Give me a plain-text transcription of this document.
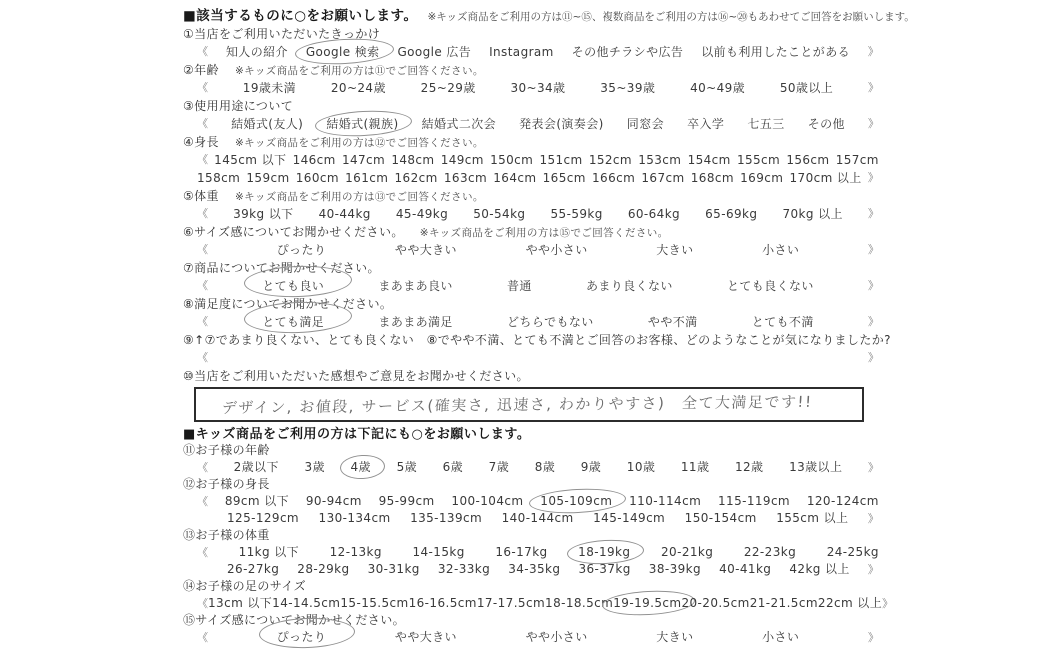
■該当するものに○をお願いします。 ※キッズ商品をご利用の方は⑪~⑮、複数商品をご利用の方は⑯~⑳もあわせてご回答をお願いします。
①当店をご利用いただいたきっかけ
《 知人の紹介 Google 検索 Google 広告 Instagram その他チラシや広告 以前も利用したことがある 》
②年齢 ※キッズ商品をご利用の方は⑪でご回答ください。
《	19歳未満	20~24歳	25~29歳	30~34歳	35~39歳	40~49歳	50歳以上	》
③使用用途について
《 結婚式(友人) 結婚式(親族) 結婚式二次会 発表会(演奏会) 同窓会 卒入学 七五三 その他 》
④身長 ※キッズ商品をご利用の方は⑫でご回答ください。
《 145cm 以下 146cm 147cm 148cm 149cm 150cm 151cm 152cm 153cm 154cm 155cm 156cm 157cm
158cm 159cm 160cm 161cm 162cm 163cm 164cm 165cm 166cm 167cm 168cm 169cm 170cm 以上 》
⑤体重 ※キッズ商品をご利用の方は⑬でご回答ください。
《 39kg 以下 40-44kg 45-49kg 50-54kg 55-59kg 60-64kg 65-69kg 70kg 以上 》
⑥サイズ感についてお聞かせください。 ※キッズ商品をご利用の方は⑮でご回答ください。
《	ぴったり	やや大きい	やや小さい	大きい	小さい	》
⑦商品についてお聞かせください。
《	とても良い	まあまあ良い	普通	あまり良くない	とても良くない	》
⑧満足度についてお聞かせください。
《	とても満足	まあまあ満足	どちらでもない	やや不満	とても不満	》
⑨↑⑦であまり良くない、とても良くない　⑧でやや不満、とても不満とご回答のお客様、どのようなことが気になりましたか?
《	》
⑩当店をご利用いただいた感想やご意見をお聞かせください。
デザイン, お値段, サービス(確実さ, 迅速さ, わかりやすさ)　全て大満足です!!
■キッズ商品をご利用の方は下記にも○をお願いします。
⑪お子様の年齢
《 2歳以下 3歳 4歳 5歳 6歳 7歳 8歳 9歳 10歳 11歳 12歳 13歳以上 》
⑫お子様の身長
《 89cm 以下 90-94cm 95-99cm 100-104cm 105-109cm 110-114cm 115-119cm 120-124cm
125-129cm 130-134cm 135-139cm 140-144cm 145-149cm 150-154cm 155cm 以上 》
⑬お子様の体重
《	11kg 以下	12-13kg	14-15kg	16-17kg	18-19kg	20-21kg	22-23kg	24-25kg
26-27kg 28-29kg 30-31kg 32-33kg 34-35kg 36-37kg 38-39kg 40-41kg 42kg 以上 》
⑭お子様の足のサイズ
《 13cm 以下 14-14.5cm 15-15.5cm 16-16.5cm 17-17.5cm 18-18.5cm 19-19.5cm 20-20.5cm 21-21.5cm 22cm 以上 》
⑮サイズ感についてお聞かせください。
《	ぴったり	やや大きい	やや小さい	大きい	小さい	》
